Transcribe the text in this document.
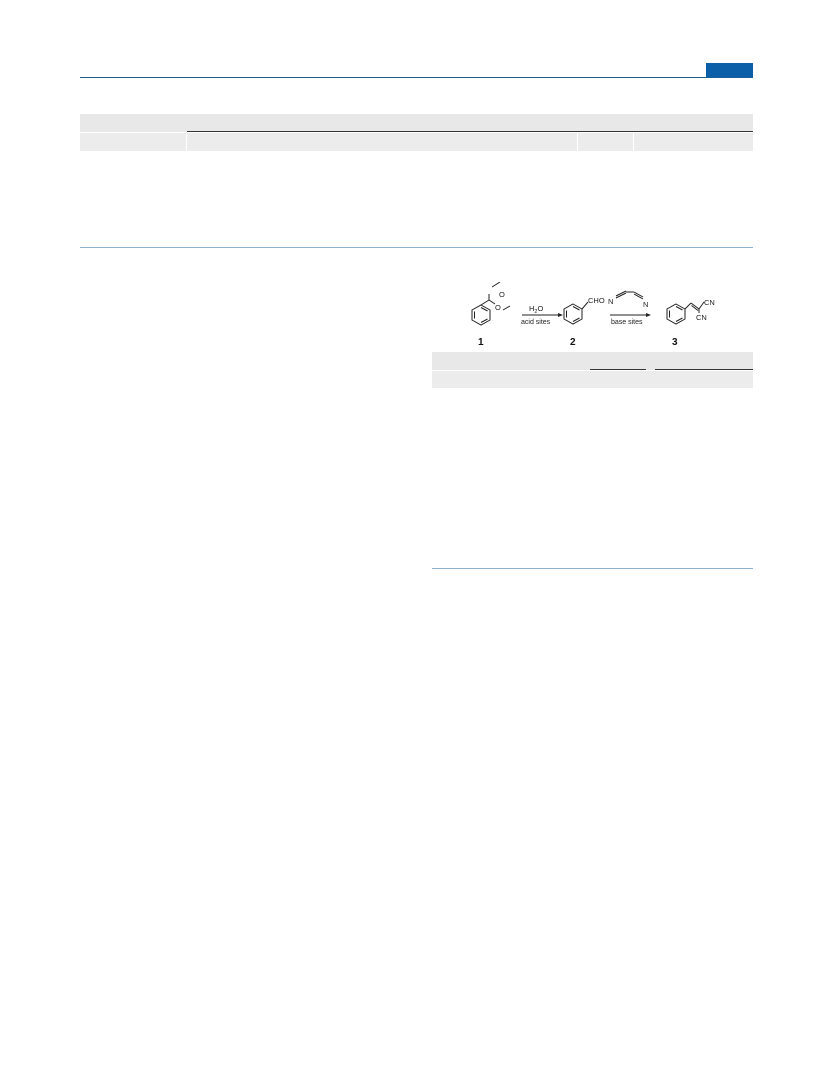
O
O	$H_2O$
acid sites
CHO N	N
base sites
CN
CN
1	2	3
